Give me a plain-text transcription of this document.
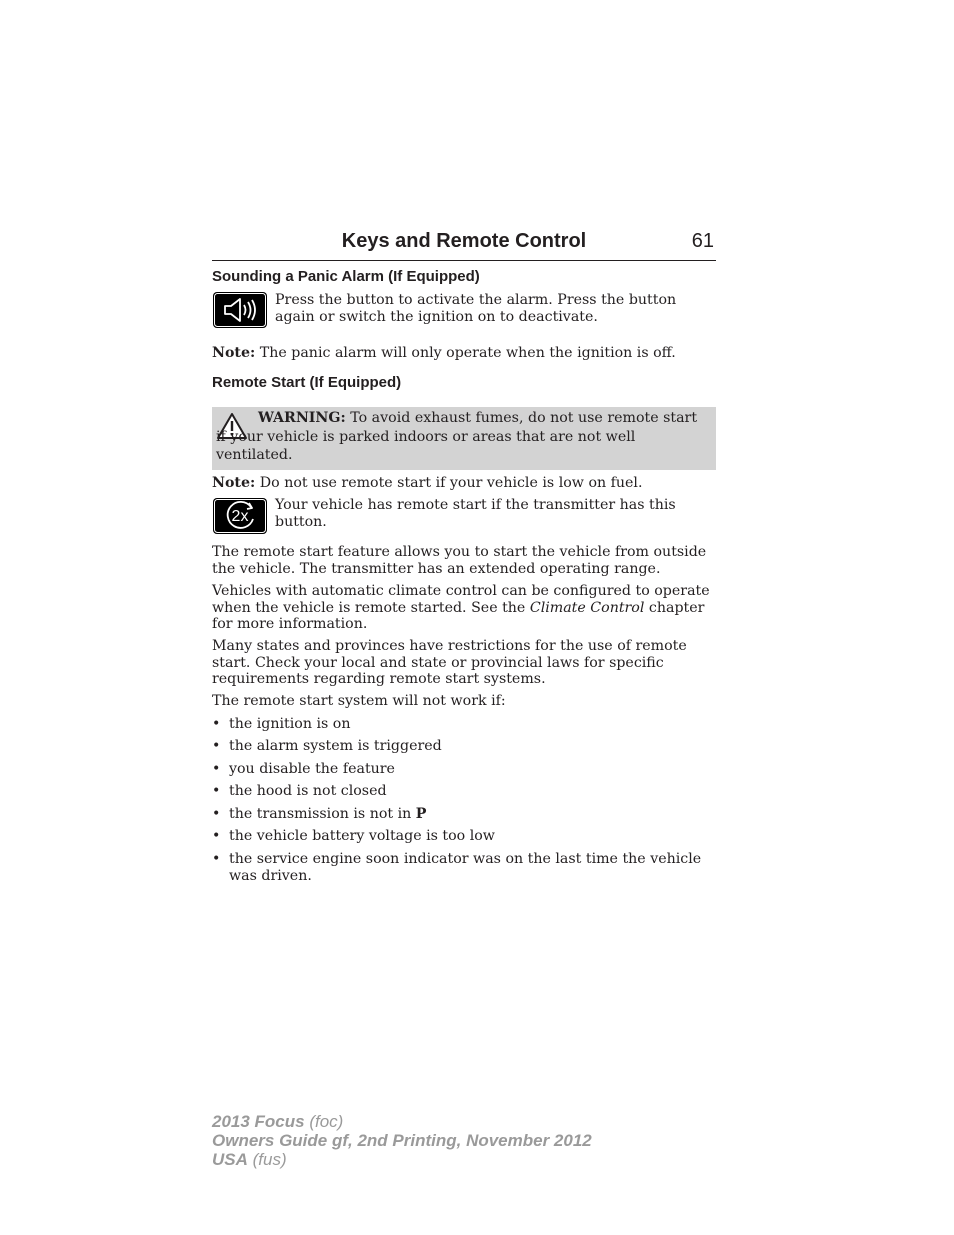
Keys and Remote Control	61
Sounding a Panic Alarm (If Equipped)
Press the button to activate the alarm. Press the button again or switch the ignition on to deactivate.
Note: The panic alarm will only operate when the ignition is off.
Remote Start (If Equipped)
WARNING: To avoid exhaust fumes, do not use remote start if your vehicle is parked indoors or areas that are not well ventilated.
Note: Do not use remote start if your vehicle is low on fuel.
2x
Your vehicle has remote start if the transmitter has this button.
The remote start feature allows you to start the vehicle from outside the vehicle. The transmitter has an extended operating range.
Vehicles with automatic climate control can be configured to operate when the vehicle is remote started. See the Climate Control chapter for more information.
Many states and provinces have restrictions for the use of remote start. Check your local and state or provincial laws for specific requirements regarding remote start systems.
The remote start system will not work if:
• the ignition is on
• the alarm system is triggered
• you disable the feature
• the hood is not closed
• the transmission is not in P
• the vehicle battery voltage is too low
• the service engine soon indicator was on the last time the vehicle was driven.
2013 Focus (foc)
Owners Guide gf, 2nd Printing, November 2012
USA (fus)
